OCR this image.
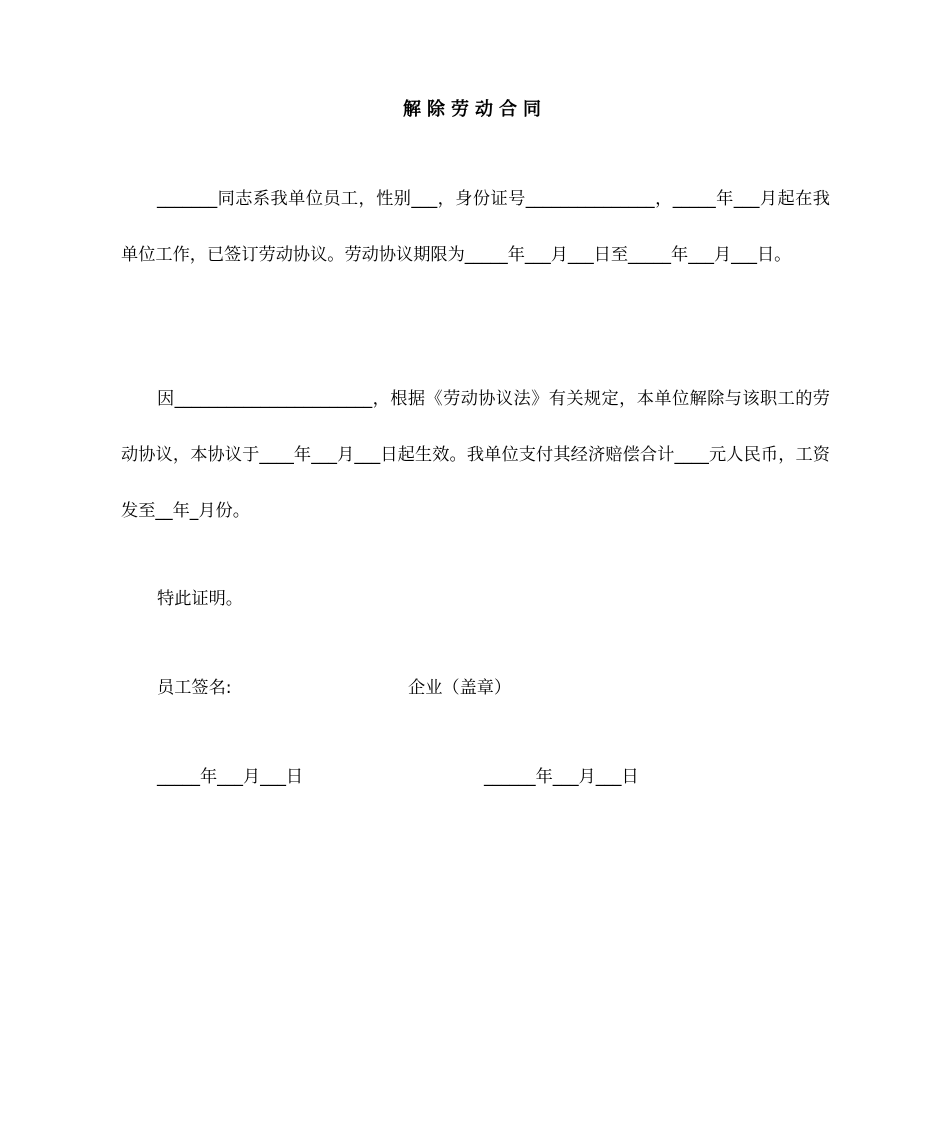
解除劳动合同

_______同志系我单位员工，性别___，身份证号_______________，_____年___月起在我单位工作，已签订劳动协议。劳动协议期限为_____年___月___日至_____年___月___日。

因_______________________，根据《劳动协议法》有关规定，本单位解除与该职工的劳动协议，本协议于____年___月___日起生效。我单位支付其经济赔偿合计____元人民币，工资发至__年_月份。

特此证明。

员工签名:	企业（盖章）
_____年___月___日	______年___月___日
